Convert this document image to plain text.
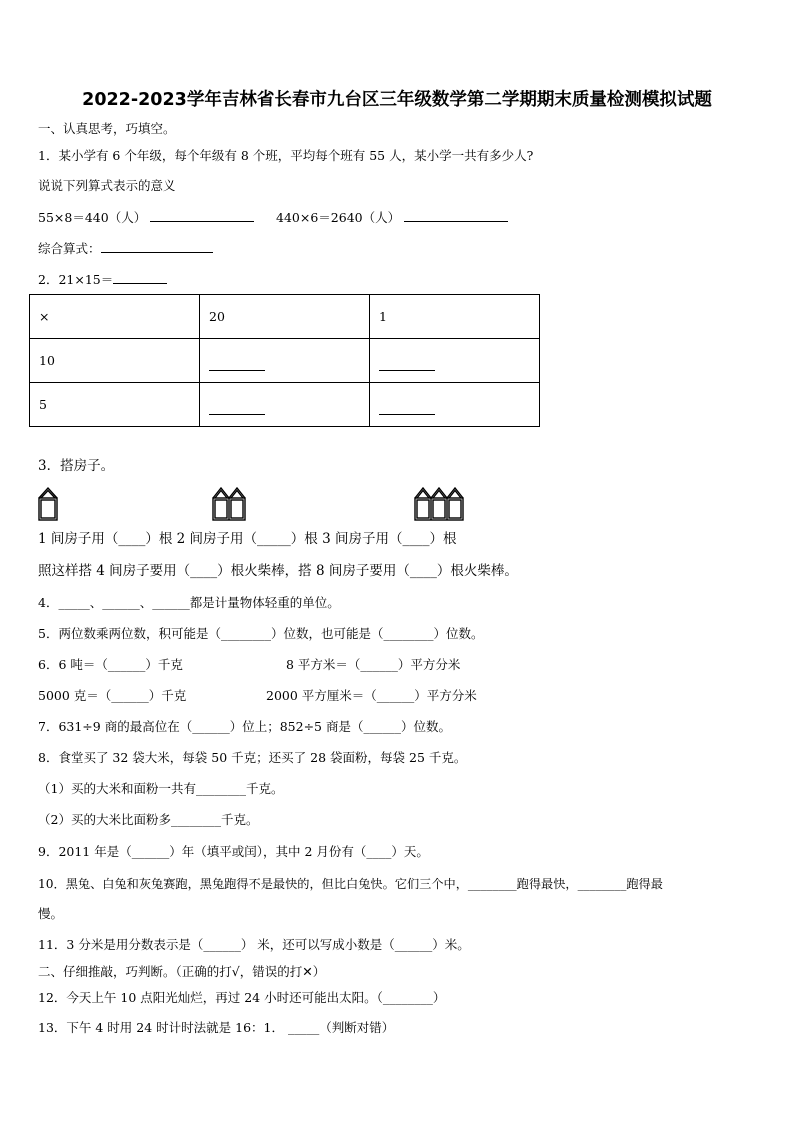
2022-2023学年吉林省长春市九台区三年级数学第二学期期末质量检测模拟试题
一、认真思考，巧填空。
1．某小学有 6 个年级，每个年级有 8 个班，平均每个班有 55 人，某小学一共有多少人?
说说下列算式表示的意义
55×8＝440（人）	440×6＝2640（人）
综合算式：
2．21×15＝
×	20	1
10		
5		
3．搭房子。
1 间房子用（____）根 2 间房子用（_____）根 3 间房子用（____）根
照这样搭 4 间房子要用（____）根火柴棒，搭 8 间房子要用（____）根火柴棒。
4．_____、______、______都是计量物体轻重的单位。
5．两位数乘两位数，积可能是（________）位数，也可能是（________）位数。
6．6 吨＝（______）千克	8 平方米＝（______）平方分米
5000 克＝（______）千克	2000 平方厘米＝（______）平方分米
7．631÷9 商的最高位在（______）位上；852÷5 商是（______）位数。
8．食堂买了 32 袋大米，每袋 50 千克；还买了 28 袋面粉，每袋 25 千克。
（1）买的大米和面粉一共有________千克。
（2）买的大米比面粉多________千克。
9．2011 年是（______）年（填平或闰），其中 2 月份有（____）天。
10．黑兔、白兔和灰兔赛跑，黑兔跑得不是最快的，但比白兔快。它们三个中，________跑得最快，________跑得最
慢。
11．3 分米是用分数表示是（______） 米，还可以写成小数是（______）米。
二、仔细推敲，巧判断。（正确的打√，错误的打✕）
12．今天上午 10 点阳光灿烂，再过 24 小时还可能出太阳。（________）
13．下午 4 时用 24 时计时法就是 16：1． _____（判断对错）
